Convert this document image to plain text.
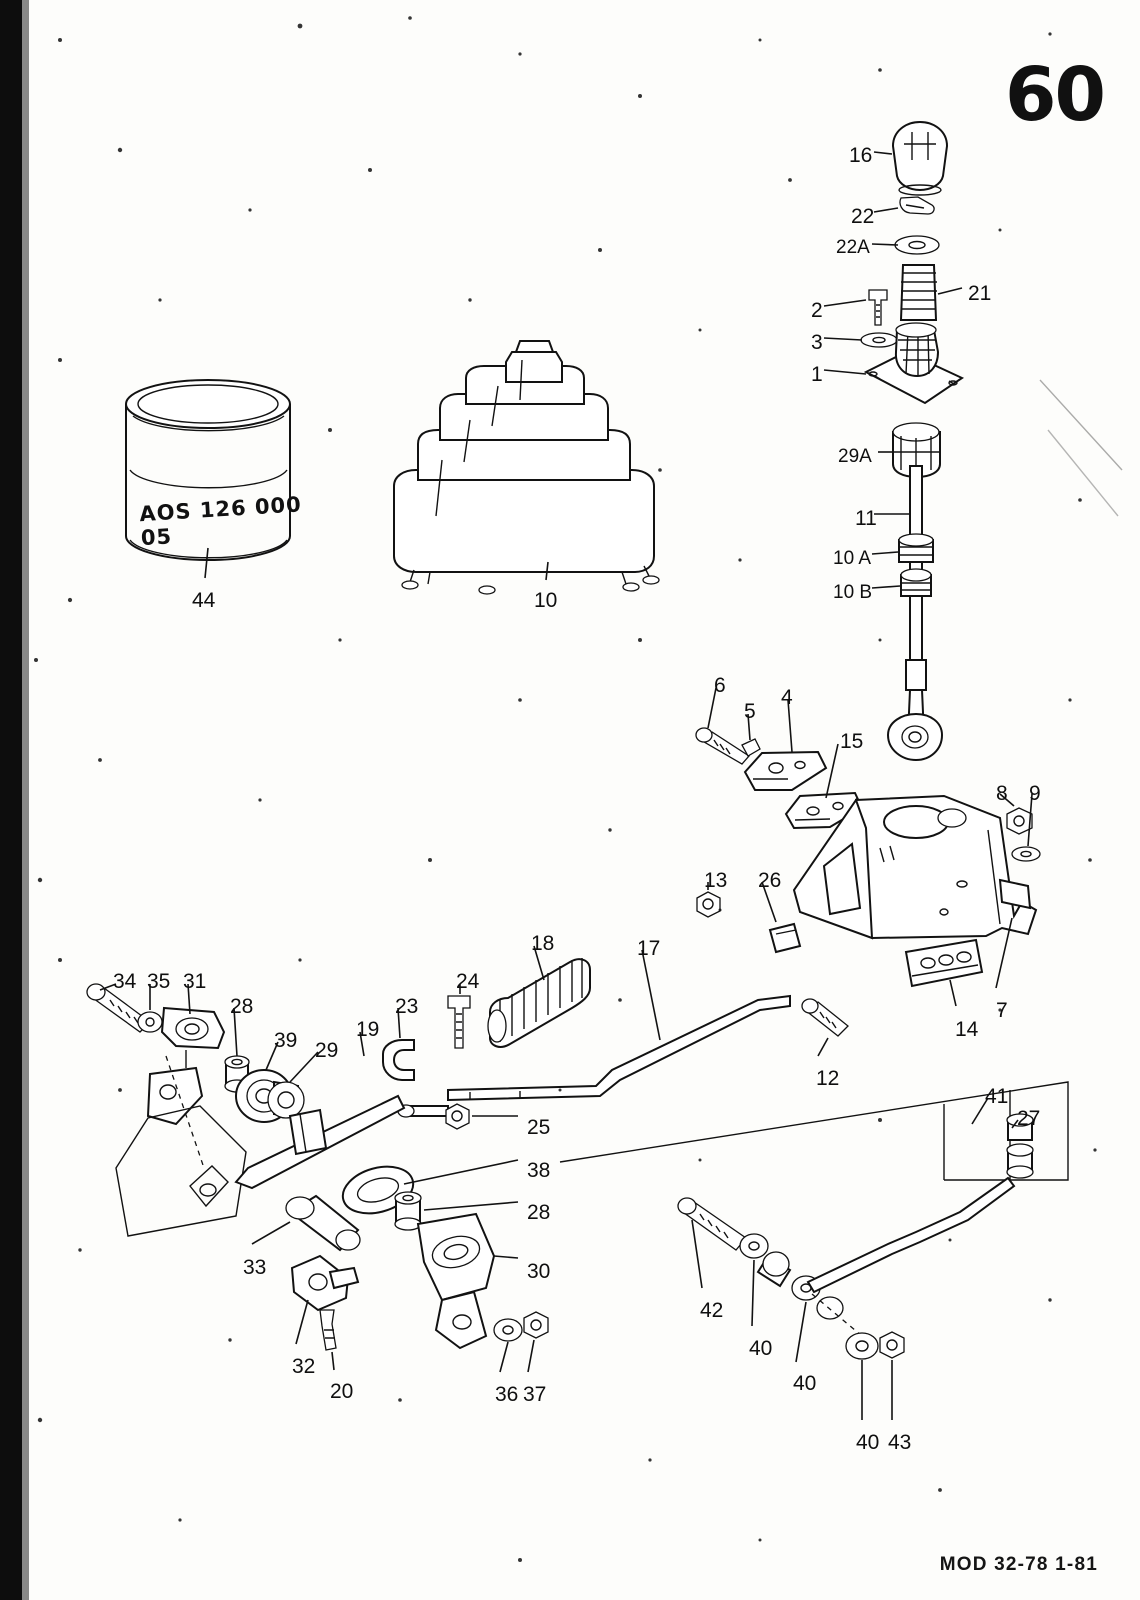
60
AOS 126 000 05
MOD 32-78 1-81
16
22
22A
21
2
3
1
29A
11
10 A
10 B
44	10
6
5
4
15
8 9
13 26
7
14
18	17
34 35 31
28
39 29
19
23
24
12
41
27
25
38
28
33	30
42
40
40
32
20	36 37
40 43
